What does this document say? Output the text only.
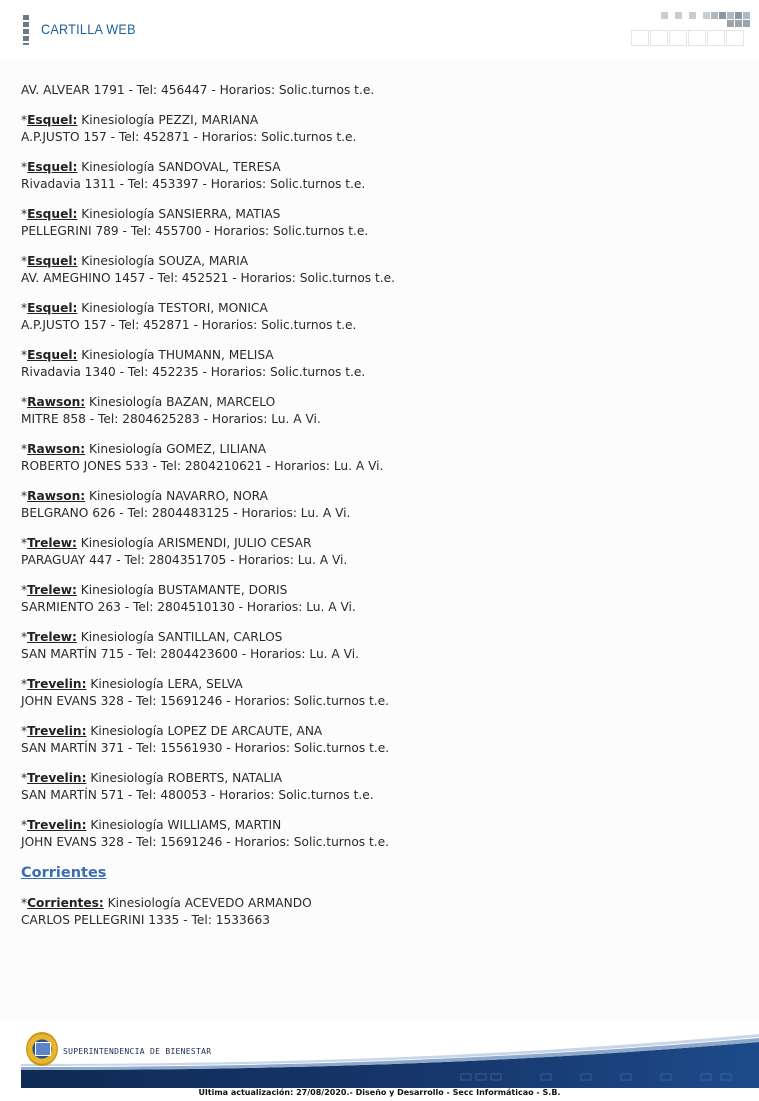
CARTILLA WEB
AV. ALVEAR 1791 - Tel: 456447 - Horarios: Solic.turnos t.e.
*Esquel: Kinesiología PEZZI, MARIANA
A.P.JUSTO 157 - Tel: 452871 - Horarios: Solic.turnos t.e.
*Esquel: Kinesiología SANDOVAL, TERESA
Rivadavia 1311 - Tel: 453397 - Horarios: Solic.turnos t.e.
*Esquel: Kinesiología SANSIERRA, MATIAS
PELLEGRINI 789 - Tel: 455700 - Horarios: Solic.turnos t.e.
*Esquel: Kinesiología SOUZA, MARIA
AV. AMEGHINO 1457 - Tel: 452521 - Horarios: Solic.turnos t.e.
*Esquel: Kinesiología TESTORI, MONICA
A.P.JUSTO 157 - Tel: 452871 - Horarios: Solic.turnos t.e.
*Esquel: Kinesiología THUMANN, MELISA
Rivadavia 1340 - Tel: 452235 - Horarios: Solic.turnos t.e.
*Rawson: Kinesiología BAZAN, MARCELO
MITRE 858 - Tel: 2804625283 - Horarios: Lu. A Vi.
*Rawson: Kinesiología GOMEZ, LILIANA
ROBERTO JONES 533 - Tel: 2804210621 - Horarios: Lu. A Vi.
*Rawson: Kinesiología NAVARRO, NORA
BELGRANO 626 - Tel: 2804483125 - Horarios: Lu. A Vi.
*Trelew: Kinesiología ARISMENDI, JULIO CESAR
PARAGUAY 447 - Tel: 2804351705 - Horarios: Lu. A Vi.
*Trelew: Kinesiología BUSTAMANTE, DORIS
SARMIENTO 263 - Tel: 2804510130 - Horarios: Lu. A Vi.
*Trelew: Kinesiología SANTILLAN, CARLOS
SAN MARTÍN 715 - Tel: 2804423600 - Horarios: Lu. A Vi.
*Trevelin: Kinesiología LERA, SELVA
JOHN EVANS 328 - Tel: 15691246 - Horarios: Solic.turnos t.e.
*Trevelin: Kinesiología LOPEZ DE ARCAUTE, ANA
SAN MARTÍN 371 - Tel: 15561930 - Horarios: Solic.turnos t.e.
*Trevelin: Kinesiología ROBERTS, NATALIA
SAN MARTÍN 571 - Tel: 480053 - Horarios: Solic.turnos t.e.
*Trevelin: Kinesiología WILLIAMS, MARTIN
JOHN EVANS 328 - Tel: 15691246 - Horarios: Solic.turnos t.e.
Corrientes
*Corrientes: Kinesiología ACEVEDO ARMANDO
CARLOS PELLEGRINI 1335 - Tel: 1533663
SUPERINTENDENCIA DE BIENESTAR
Ultima actualización: 27/08/2020.- Diseño y Desarrollo - Secc Informáticao - S.B.
